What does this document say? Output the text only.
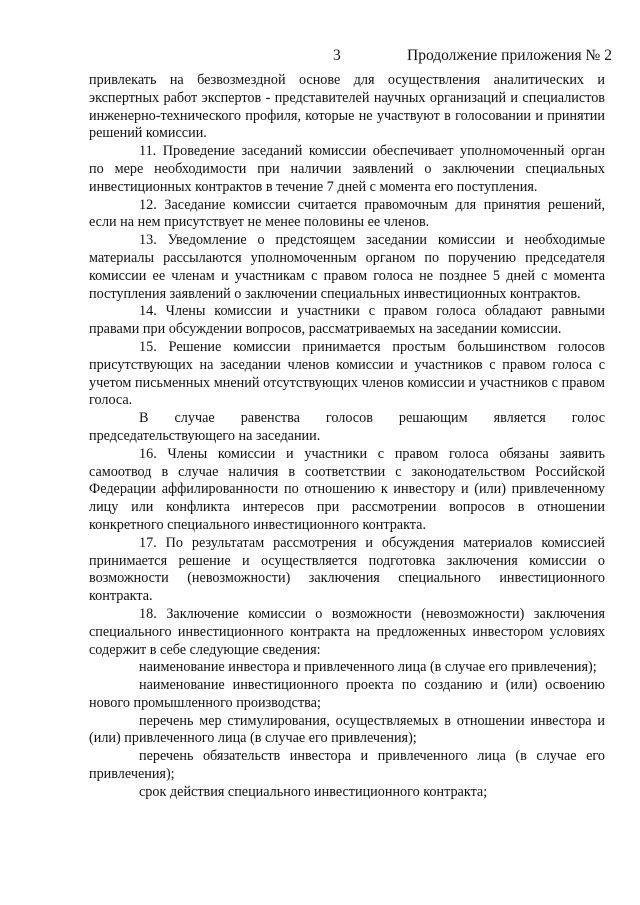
3	Продолжение приложения № 2

привлекать на безвозмездной основе для осуществления аналитических и экспертных работ экспертов - представителей научных организаций и специалистов инженерно-технического профиля, которые не участвуют в голосовании и принятии решений комиссии.

11. Проведение заседаний комиссии обеспечивает уполномоченный орган по мере необходимости при наличии заявлений о заключении специальных инвестиционных контрактов в течение 7 дней с момента его поступления.

12. Заседание комиссии считается правомочным для принятия решений, если на нем присутствует не менее половины ее членов.

13. Уведомление о предстоящем заседании комиссии и необходимые материалы рассылаются уполномоченным органом по поручению председателя комиссии ее членам и участникам с правом голоса не позднее 5 дней с момента поступления заявлений о заключении специальных инвестиционных контрактов.

14. Члены комиссии и участники с правом голоса обладают равными правами при обсуждении вопросов, рассматриваемых на заседании комиссии.

15. Решение комиссии принимается простым большинством голосов присутствующих на заседании членов комиссии и участников с правом голоса с учетом письменных мнений отсутствующих членов комиссии и участников с правом голоса.

В случае равенства голосов решающим является голос председательствующего на заседании.

16. Члены комиссии и участники с правом голоса обязаны заявить самоотвод в случае наличия в соответствии с законодательством Российской Федерации аффилированности по отношению к инвестору и (или) привлеченному лицу или конфликта интересов при рассмотрении вопросов в отношении конкретного специального инвестиционного контракта.

17. По результатам рассмотрения и обсуждения материалов комиссией принимается решение и осуществляется подготовка заключения комиссии о возможности (невозможности) заключения специального инвестиционного контракта.

18. Заключение комиссии о возможности (невозможности) заключения специального инвестиционного контракта на предложенных инвестором условиях содержит в себе следующие сведения:

наименование инвестора и привлеченного лица (в случае его привлечения);

наименование инвестиционного проекта по созданию и (или) освоению нового промышленного производства;

перечень мер стимулирования, осуществляемых в отношении инвестора и (или) привлеченного лица (в случае его привлечения);

перечень обязательств инвестора и привлеченного лица (в случае его привлечения);

срок действия специального инвестиционного контракта;
